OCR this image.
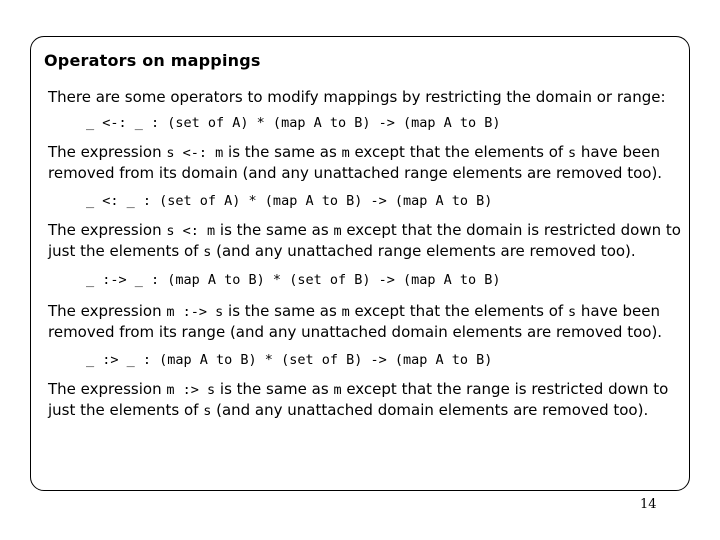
Operators on mappings

There are some operators to modify mappings by restricting the domain or range:

_ <-: _ : (set of A) * (map A to B) -> (map A to B)

The expression s <-: m is the same as m except that the elements of s have been removed from its domain (and any unattached range elements are removed too).

_ <: _ : (set of A) * (map A to B) -> (map A to B)

The expression s <: m is the same as m except that the domain is restricted down to just the elements of s (and any unattached range elements are removed too).

_ :-> _ : (map A to B) * (set of B) -> (map A to B)

The expression m :-> s is the same as m except that the elements of s have been removed from its range (and any unattached domain elements are removed too).

_ :> _ : (map A to B) * (set of B) -> (map A to B)

The expression m :> s is the same as m except that the range is restricted down to just the elements of s (and any unattached domain elements are removed too).

14
